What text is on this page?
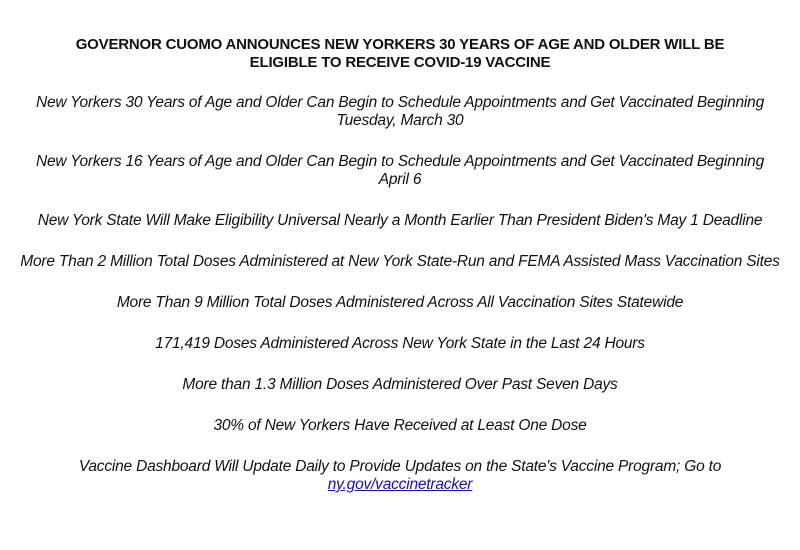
GOVERNOR CUOMO ANNOUNCES NEW YORKERS 30 YEARS OF AGE AND OLDER WILL BE ELIGIBLE TO RECEIVE COVID-19 VACCINE

New Yorkers 30 Years of Age and Older Can Begin to Schedule Appointments and Get Vaccinated Beginning Tuesday, March 30

New Yorkers 16 Years of Age and Older Can Begin to Schedule Appointments and Get Vaccinated Beginning April 6

New York State Will Make Eligibility Universal Nearly a Month Earlier Than President Biden's May 1 Deadline

More Than 2 Million Total Doses Administered at New York State-Run and FEMA Assisted Mass Vaccination Sites

More Than 9 Million Total Doses Administered Across All Vaccination Sites Statewide

171,419 Doses Administered Across New York State in the Last 24 Hours

More than 1.3 Million Doses Administered Over Past Seven Days

30% of New Yorkers Have Received at Least One Dose

Vaccine Dashboard Will Update Daily to Provide Updates on the State's Vaccine Program; Go to ny.gov/vaccinetracker
